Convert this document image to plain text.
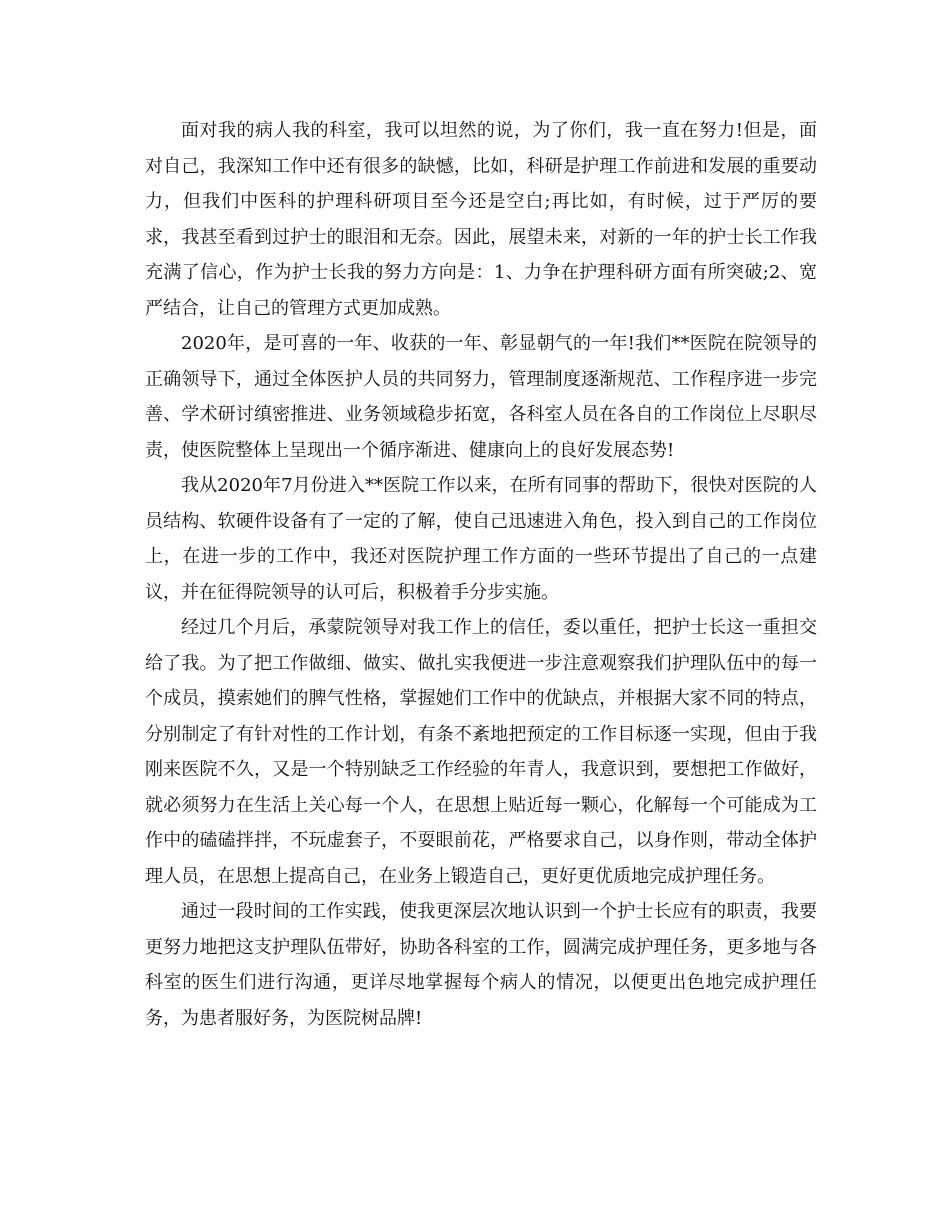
面对我的病人我的科室，我可以坦然的说，为了你们，我一直在努力!但是，面对自己，我深知工作中还有很多的缺憾，比如，科研是护理工作前进和发展的重要动力，但我们中医科的护理科研项目至今还是空白;再比如，有时候，过于严厉的要求，我甚至看到过护士的眼泪和无奈。因此，展望未来，对新的一年的护士长工作我充满了信心，作为护士长我的努力方向是：1、力争在护理科研方面有所突破;2、宽严结合，让自己的管理方式更加成熟。

2020年，是可喜的一年、收获的一年、彰显朝气的一年!我们**医院在院领导的正确领导下，通过全体医护人员的共同努力，管理制度逐渐规范、工作程序进一步完善、学术研讨缜密推进、业务领域稳步拓宽，各科室人员在各自的工作岗位上尽职尽责，使医院整体上呈现出一个循序渐进、健康向上的良好发展态势!

我从2020年7月份进入**医院工作以来，在所有同事的帮助下，很快对医院的人员结构、软硬件设备有了一定的了解，使自己迅速进入角色，投入到自己的工作岗位上，在进一步的工作中，我还对医院护理工作方面的一些环节提出了自己的一点建议，并在征得院领导的认可后，积极着手分步实施。

经过几个月后，承蒙院领导对我工作上的信任，委以重任，把护士长这一重担交给了我。为了把工作做细、做实、做扎实我便进一步注意观察我们护理队伍中的每一个成员，摸索她们的脾气性格，掌握她们工作中的优缺点，并根据大家不同的特点，分别制定了有针对性的工作计划，有条不紊地把预定的工作目标逐一实现，但由于我刚来医院不久，又是一个特别缺乏工作经验的年青人，我意识到，要想把工作做好，就必须努力在生活上关心每一个人，在思想上贴近每一颗心，化解每一个可能成为工作中的磕磕拌拌，不玩虚套子，不耍眼前花，严格要求自己，以身作则，带动全体护理人员，在思想上提高自己，在业务上锻造自己，更好更优质地完成护理任务。

通过一段时间的工作实践，使我更深层次地认识到一个护士长应有的职责，我要更努力地把这支护理队伍带好，协助各科室的工作，圆满完成护理任务，更多地与各科室的医生们进行沟通，更详尽地掌握每个病人的情况，以便更出色地完成护理任务，为患者服好务，为医院树品牌!
